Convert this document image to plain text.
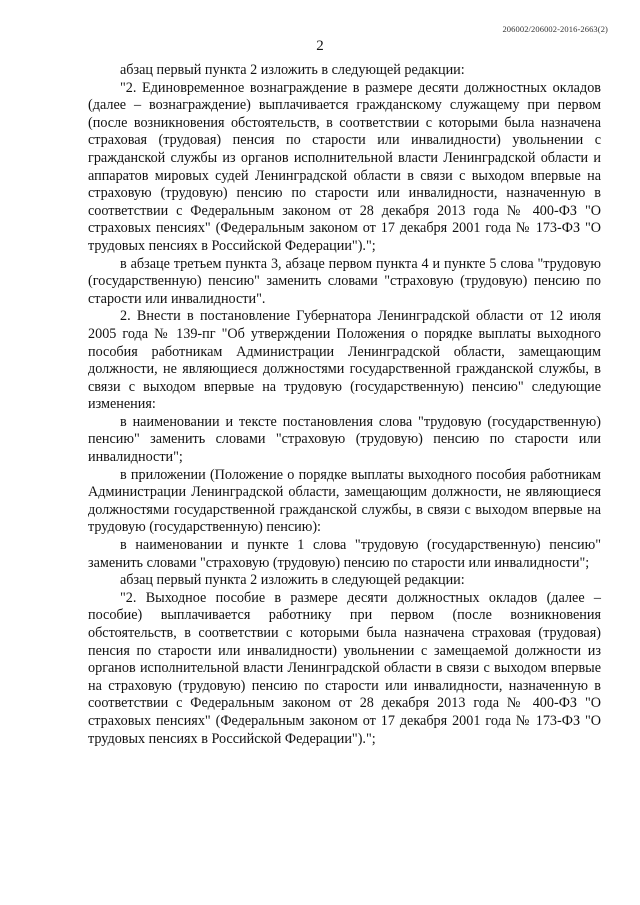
206002/206002-2016-2663(2)
2

абзац первый пункта 2 изложить в следующей редакции:

"2. Единовременное вознаграждение в размере десяти должностных окладов (далее – вознаграждение) выплачивается гражданскому служащему при первом (после возникновения обстоятельств, в соответствии с которыми была назначена страховая (трудовая) пенсия по старости или инвалидности) увольнении с гражданской службы из органов исполнительной власти Ленинградской области и аппаратов мировых судей Ленинградской области в связи с выходом впервые на страховую (трудовую) пенсию по старости или инвалидности, назначенную в соответствии с Федеральным законом от 28 декабря 2013 года № 400-ФЗ "О страховых пенсиях" (Федеральным законом от 17 декабря 2001 года № 173-ФЗ "О трудовых пенсиях в Российской Федерации").";

в абзаце третьем пункта 3, абзаце первом пункта 4 и пункте 5 слова "трудовую (государственную) пенсию" заменить словами "страховую (трудовую) пенсию по старости или инвалидности".

2. Внести в постановление Губернатора Ленинградской области от 12 июля 2005 года № 139-пг "Об утверждении Положения о порядке выплаты выходного пособия работникам Администрации Ленинградской области, замещающим должности, не являющиеся должностями государственной гражданской службы, в связи с выходом впервые на трудовую (государственную) пенсию" следующие изменения:

в наименовании и тексте постановления слова "трудовую (государственную) пенсию" заменить словами "страховую (трудовую) пенсию по старости или инвалидности";

в приложении (Положение о порядке выплаты выходного пособия работникам Администрации Ленинградской области, замещающим должности, не являющиеся должностями государственной гражданской службы, в связи с выходом впервые на трудовую (государственную) пенсию):

в наименовании и пункте 1 слова "трудовую (государственную) пенсию" заменить словами "страховую (трудовую) пенсию по старости или инвалидности";

абзац первый пункта 2 изложить в следующей редакции:

"2. Выходное пособие в размере десяти должностных окладов (далее – пособие) выплачивается работнику при первом (после возникновения обстоятельств, в соответствии с которыми была назначена страховая (трудовая) пенсия по старости или инвалидности) увольнении с замещаемой должности из органов исполнительной власти Ленинградской области в связи с выходом впервые на страховую (трудовую) пенсию по старости или инвалидности, назначенную в соответствии с Федеральным законом от 28 декабря 2013 года № 400-ФЗ "О страховых пенсиях" (Федеральным законом от 17 декабря 2001 года № 173-ФЗ "О трудовых пенсиях в Российской Федерации").";
